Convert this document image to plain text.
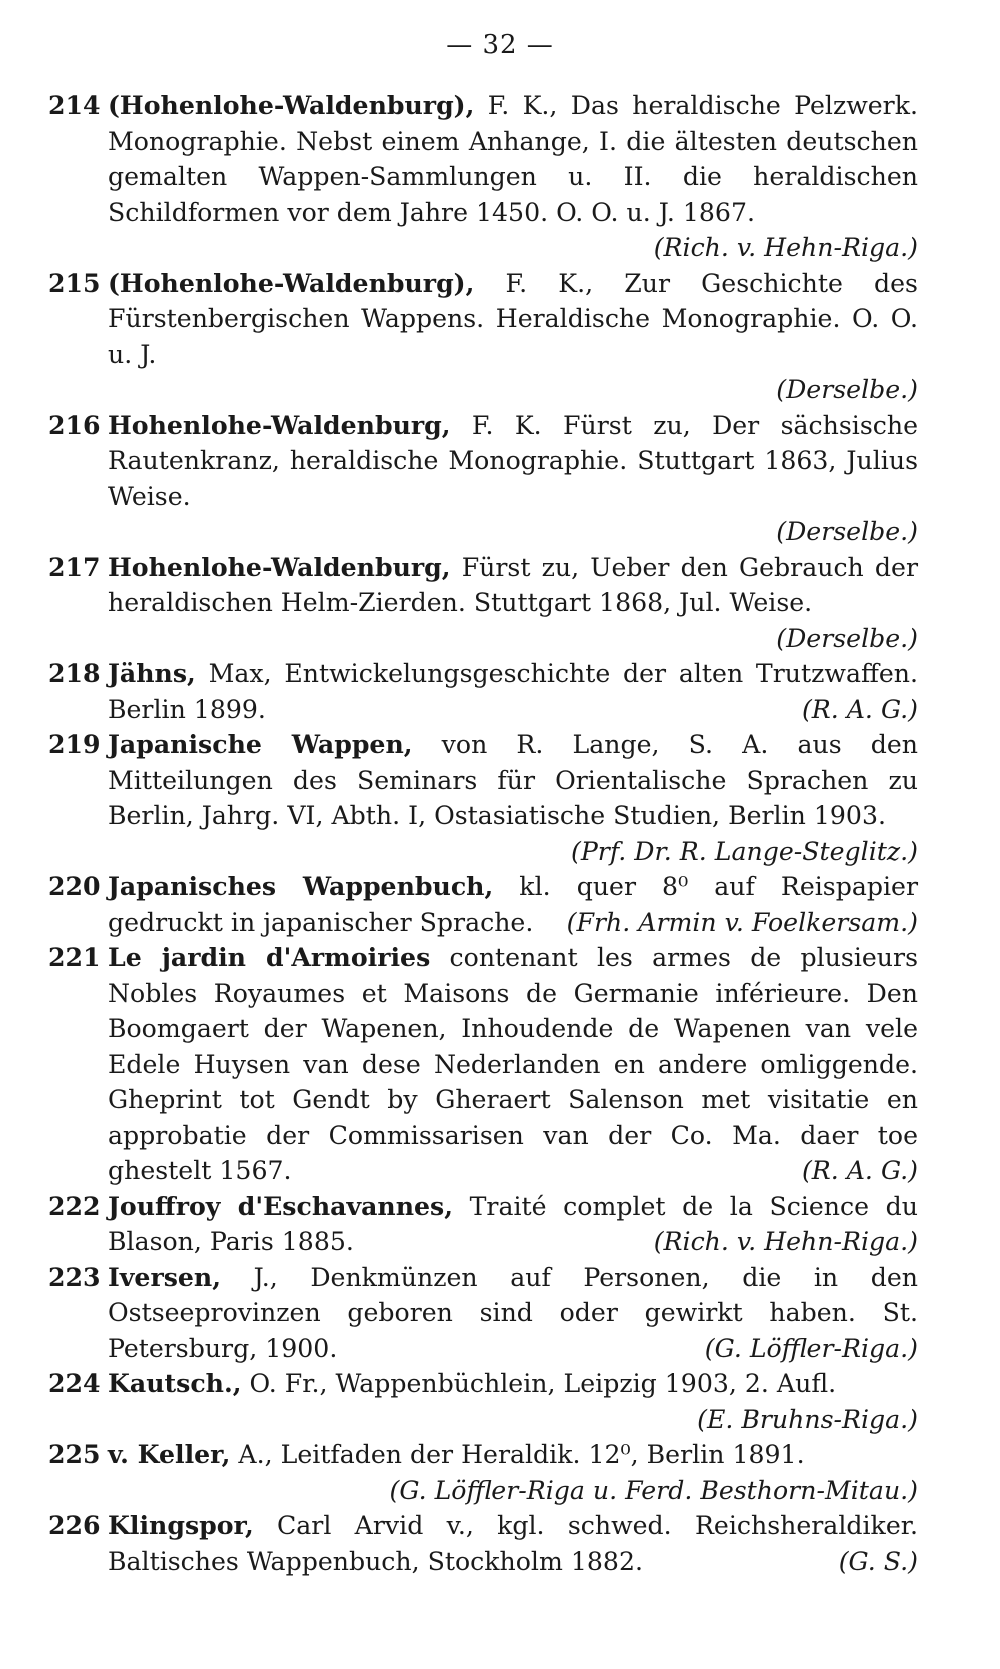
— 32 —
214 (Hohenlohe-Waldenburg), F. K., Das heraldische Pelzwerk. Monographie. Nebst einem Anhange, I. die ältesten deutschen gemalten Wappen-Sammlungen u. II. die heraldischen Schildformen vor dem Jahre 1450. O. O. u. J. 1867.
(Rich. v. Hehn-Riga.)
215 (Hohenlohe-Waldenburg), F. K., Zur Geschichte des Fürstenbergischen Wappens. Heraldische Monographie. O. O. u. J.
(Derselbe.)
216 Hohenlohe-Waldenburg, F. K. Fürst zu, Der sächsische Rautenkranz, heraldische Monographie. Stuttgart 1863, Julius Weise.
(Derselbe.)
217 Hohenlohe-Waldenburg, Fürst zu, Ueber den Gebrauch der heraldischen Helm-Zierden. Stuttgart 1868, Jul. Weise.
(Derselbe.)
218 Jähns, Max, Entwickelungsgeschichte der alten Trutzwaffen. Berlin 1899.	(R. A. G.)
219 Japanische Wappen, von R. Lange, S. A. aus den Mitteilungen des Seminars für Orientalische Sprachen zu Berlin, Jahrg. VI, Abth. I, Ostasiatische Studien, Berlin 1903.
(Prf. Dr. R. Lange-Steglitz.)
220 Japanisches Wappenbuch, kl. quer 8⁰ auf Reispapier gedruckt in japanischer Sprache. (Frh. Armin v. Foelkersam.)
221 Le jardin d'Armoiries contenant les armes de plusieurs Nobles Royaumes et Maisons de Germanie inférieure. Den Boomgaert der Wapenen, Inhoudende de Wapenen van vele Edele Huysen van dese Nederlanden en andere omliggende. Gheprint tot Gendt by Gheraert Salenson met visitatie en approbatie der Commissarisen van der Co. Ma. daer toe ghestelt 1567.	(R. A. G.)
222 Jouffroy d'Eschavannes, Traité complet de la Science du Blason, Paris 1885.	(Rich. v. Hehn-Riga.)
223 Iversen, J., Denkmünzen auf Personen, die in den Ostseeprovinzen geboren sind oder gewirkt haben. St. Petersburg, 1900.	(G. Löffler-Riga.)
224 Kautsch., O. Fr., Wappenbüchlein, Leipzig 1903, 2. Aufl.
(E. Bruhns-Riga.)
225 v. Keller, A., Leitfaden der Heraldik. 12⁰, Berlin 1891.
(G. Löffler-Riga u. Ferd. Besthorn-Mitau.)
226 Klingspor, Carl Arvid v., kgl. schwed. Reichsheraldiker. Baltisches Wappenbuch, Stockholm 1882.	(G. S.)
